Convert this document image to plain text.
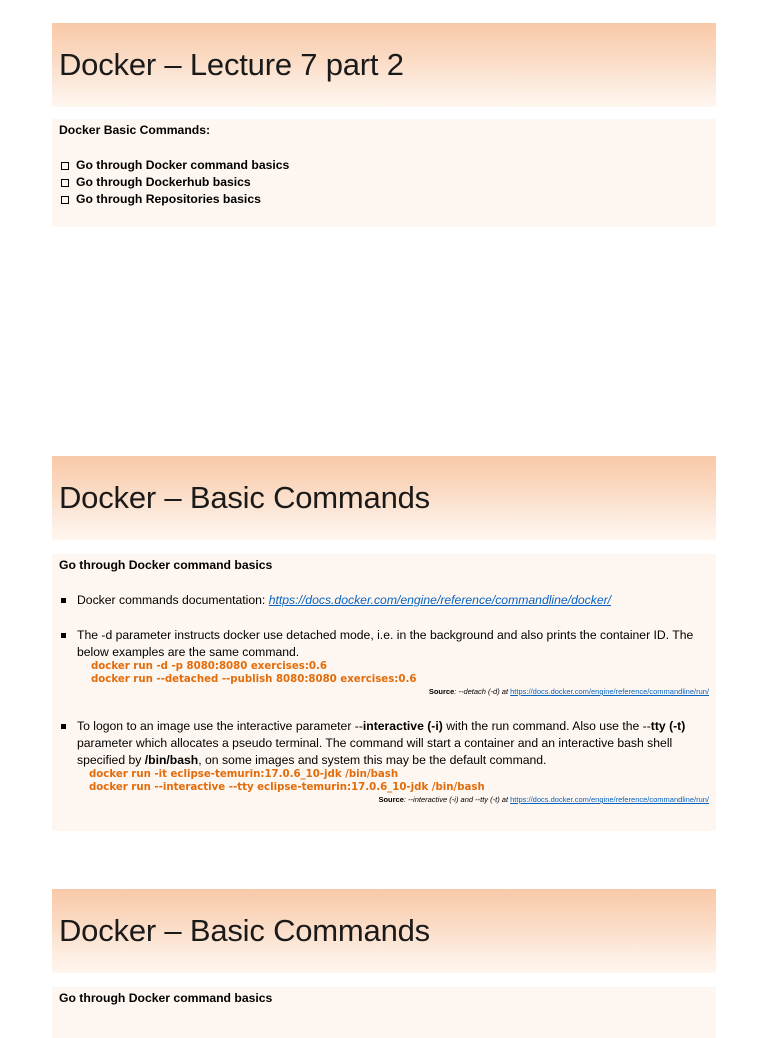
Docker – Lecture 7 part 2

Docker Basic Commands:

Go through Docker command basics
Go through Dockerhub basics
Go through Repositories basics
Docker – Basic Commands

Go through Docker command basics

Docker commands documentation: https://docs.docker.com/engine/reference/commandline/docker/
The -d parameter instructs docker use detached mode, i.e. in the background and also prints the container ID. The below examples are the same command.
docker run -d -p 8080:8080 exercises:0.6
docker run --detached --publish 8080:8080 exercises:0.6
Source: --detach (-d) at https://docs.docker.com/engine/reference/commandline/run/
To logon to an image use the interactive parameter --interactive (-i) with the run command. Also use the --tty (-t) parameter which allocates a pseudo terminal. The command will start a container and an interactive bash shell specified by /bin/bash, on some images and system this may be the default command.
docker run -it eclipse-temurin:17.0.6_10-jdk /bin/bash
docker run --interactive --tty eclipse-temurin:17.0.6_10-jdk /bin/bash
Source: --interactive (-i) and --tty (-t) at https://docs.docker.com/engine/reference/commandline/run/
Docker – Basic Commands

Go through Docker command basics
